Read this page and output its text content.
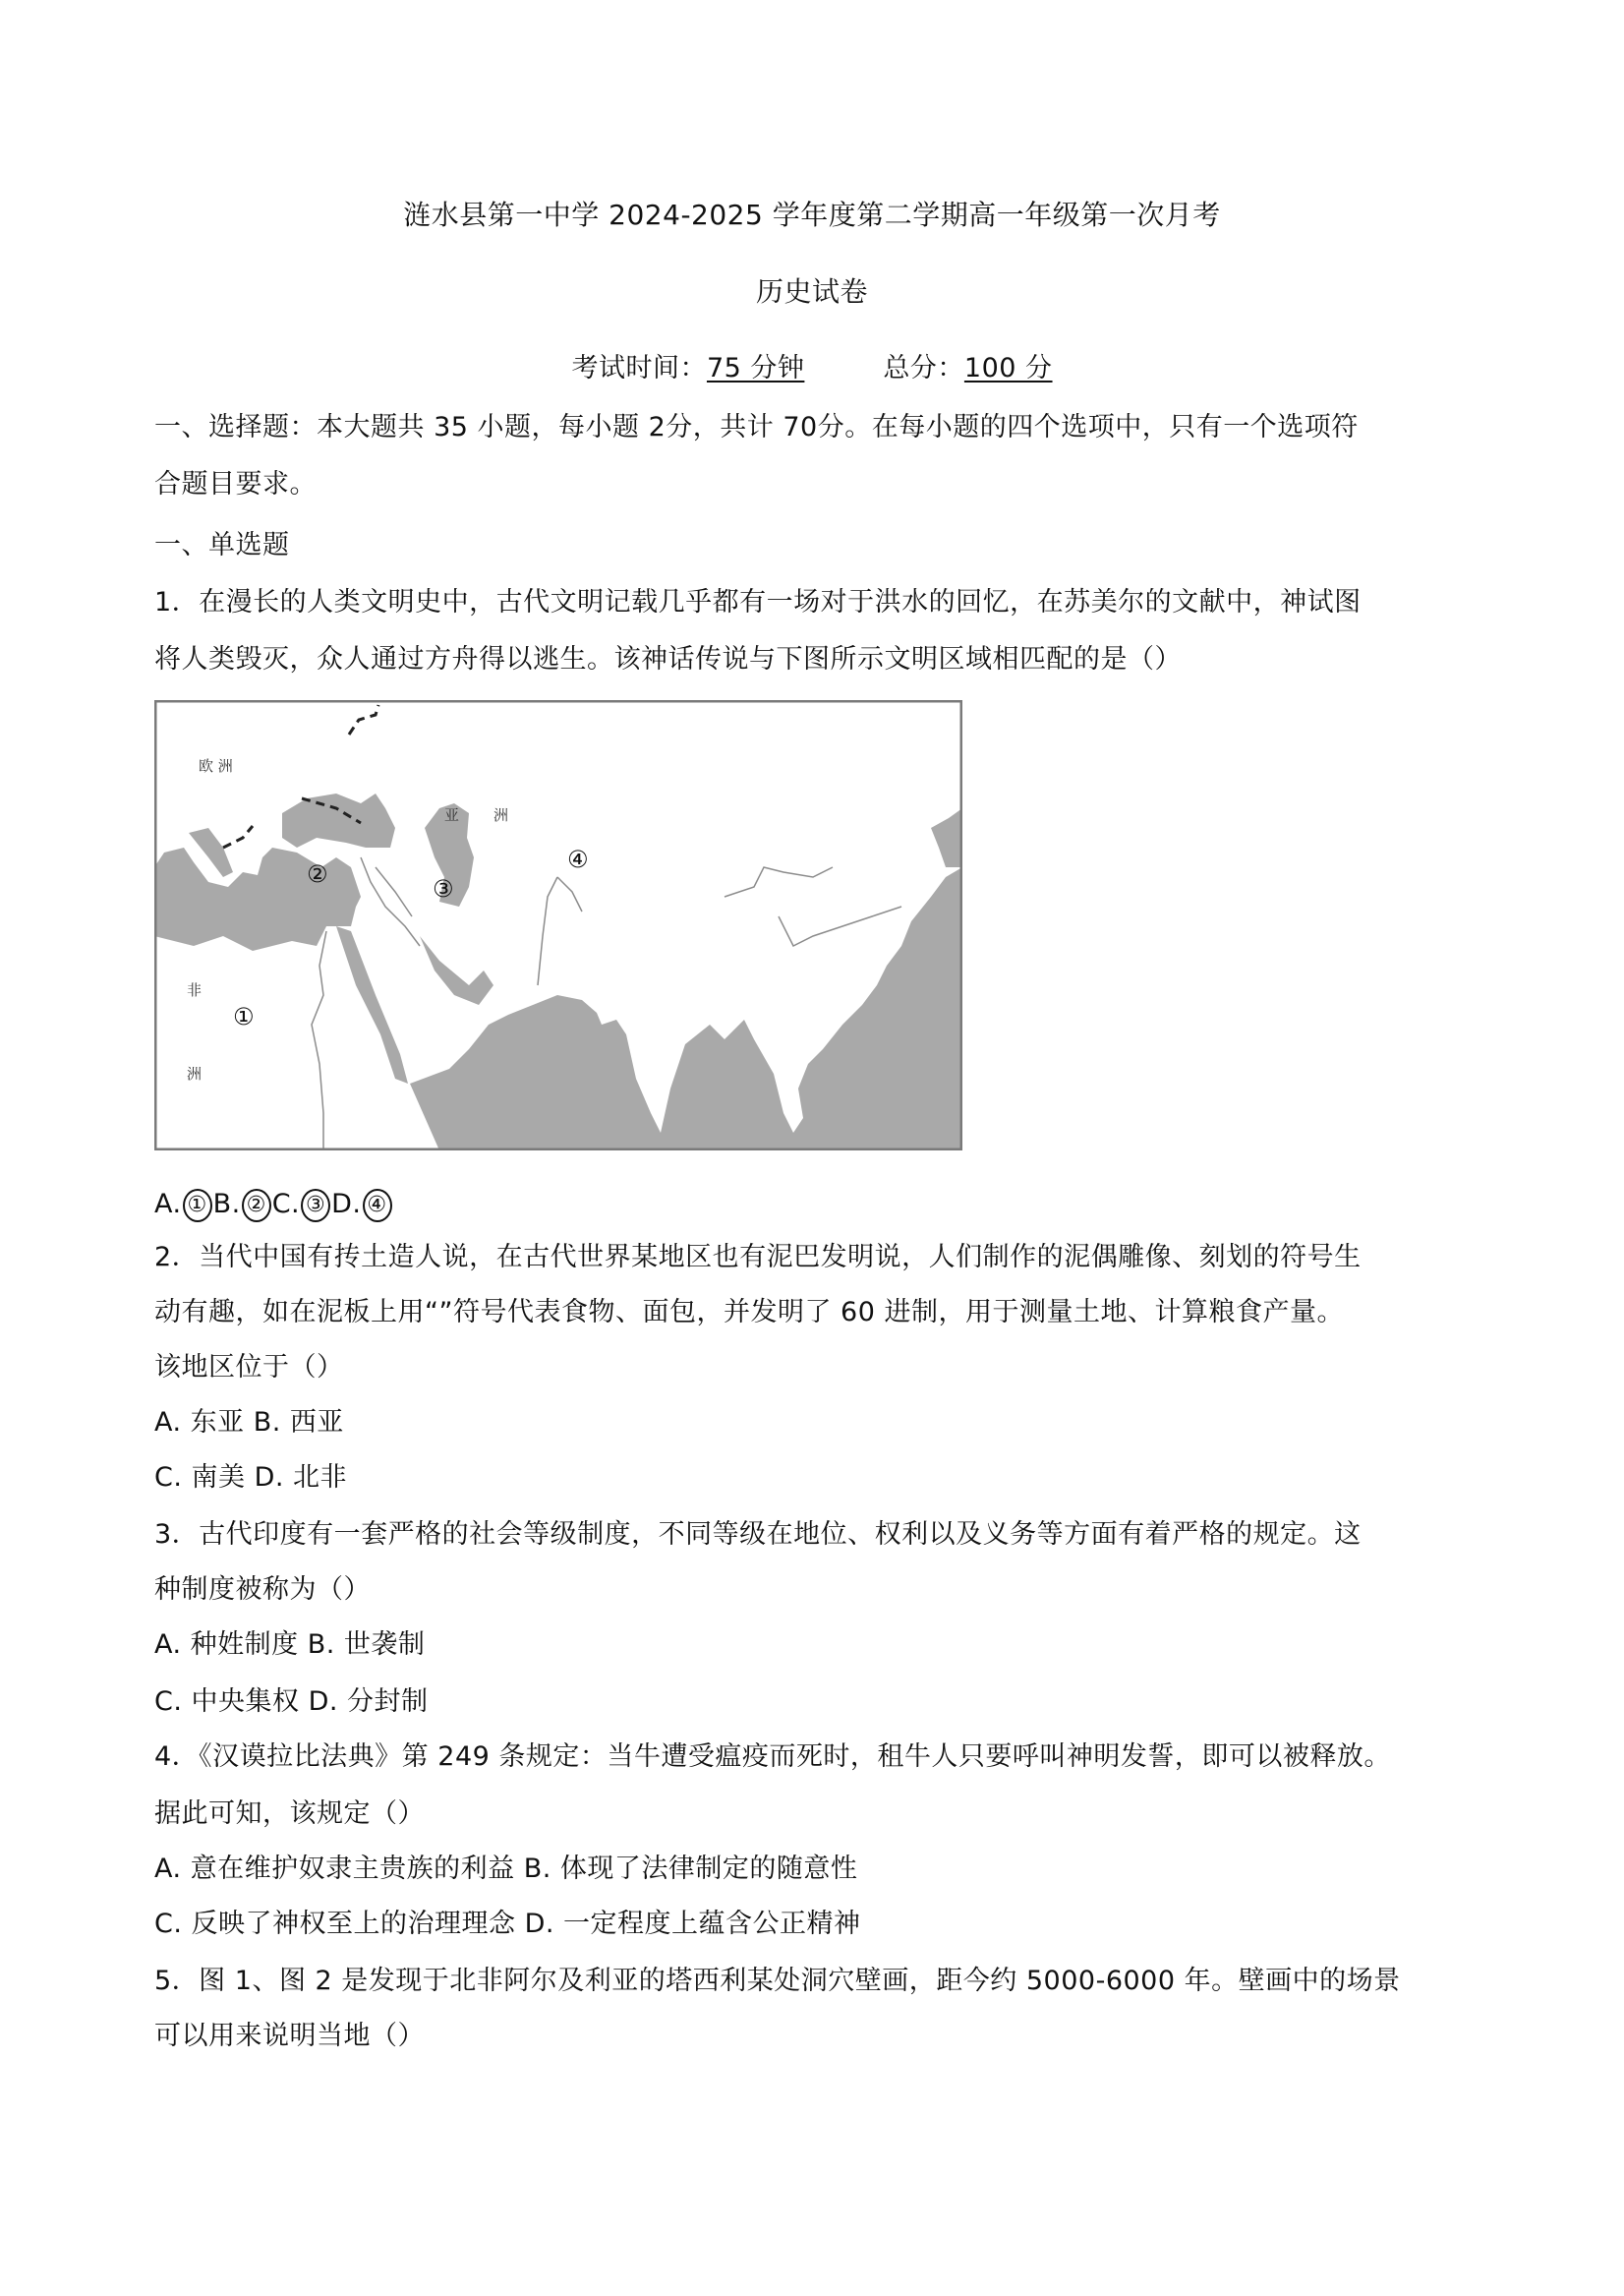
涟水县第一中学 2024-2025 学年度第二学期高一年级第一次月考
历史试卷
考试时间：75 分钟	总分：100 分
一、选择题：本大题共 35 小题，每小题 2分，共计 70分。在每小题的四个选项中，只有一个选项符
合题目要求。
一、单选题
1．在漫长的人类文明史中，古代文明记载几乎都有一场对于洪水的回忆，在苏美尔的文献中，神试图
将人类毁灭，众人通过方舟得以逃生。该神话传说与下图所示文明区域相匹配的是（）
欧 洲
亚 洲
非
洲
①
②
③
④
A. ① B. ② C. ③ D. ④
2．当代中国有抟土造人说，在古代世界某地区也有泥巴发明说，人们制作的泥偶雕像、刻划的符号生
动有趣，如在泥板上用“”符号代表食物、面包，并发明了 60 进制，用于测量土地、计算粮食产量。
该地区位于（）
A. 东亚 B. 西亚
C. 南美 D. 北非
3．古代印度有一套严格的社会等级制度，不同等级在地位、权利以及义务等方面有着严格的规定。这
种制度被称为（）
A. 种姓制度 B. 世袭制
C. 中央集权 D. 分封制
4．《汉谟拉比法典》第 249 条规定：当牛遭受瘟疫而死时，租牛人只要呼叫神明发誓，即可以被释放。
据此可知，该规定（）
A. 意在维护奴隶主贵族的利益 B. 体现了法律制定的随意性
C. 反映了神权至上的治理理念 D. 一定程度上蕴含公正精神
5．图 1、图 2 是发现于北非阿尔及利亚的塔西利某处洞穴壁画，距今约 5000-6000 年。壁画中的场景
可以用来说明当地（）
